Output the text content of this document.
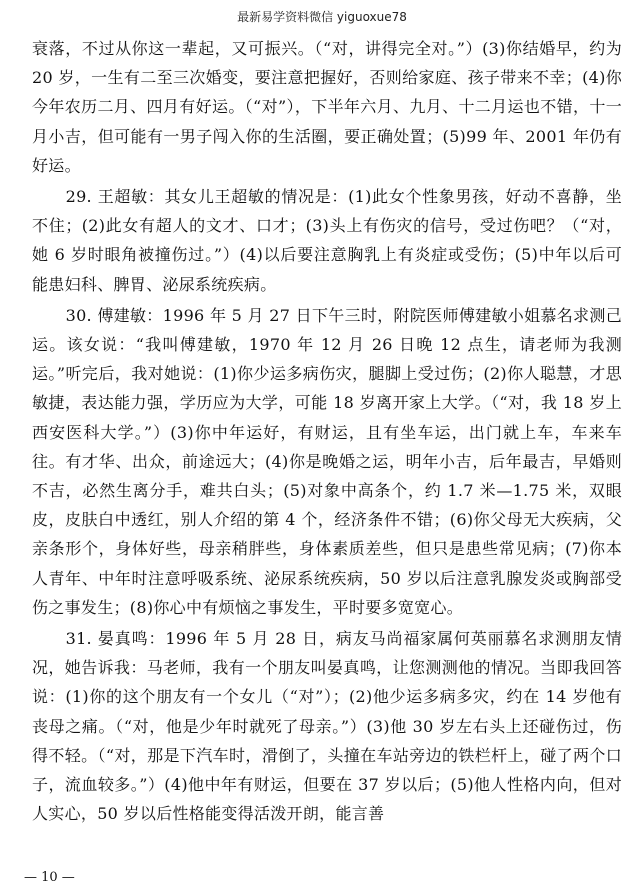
最新易学资料微信 yiguoxue78

衰落，不过从你这一辈起，又可振兴。（“对，讲得完全对。”）(3)你结婚早，约为 20 岁，一生有二至三次婚变，要注意把握好，否则给家庭、孩子带来不幸；(4)你今年农历二月、四月有好运。（“对”），下半年六月、九月、十二月运也不错，十一月小吉，但可能有一男子闯入你的生活圈，要正确处置；(5)99 年、2001 年仍有好运。

29. 王超敏：其女儿王超敏的情况是：(1)此女个性象男孩，好动不喜静，坐不住；(2)此女有超人的文才、口才；(3)头上有伤灾的信号，受过伤吧？（“对，她 6 岁时眼角被撞伤过。”）(4)以后要注意胸乳上有炎症或受伤；(5)中年以后可能患妇科、脾胃、泌尿系统疾病。

30. 傅建敏：1996 年 5 月 27 日下午三时，附院医师傅建敏小姐慕名求测己运。该女说：“我叫傅建敏，1970 年 12 月 26 日晚 12 点生，请老师为我测运。”听完后，我对她说：(1)你少运多病伤灾，腿脚上受过伤；(2)你人聪慧，才思敏捷，表达能力强，学历应为大学，可能 18 岁离开家上大学。（“对，我 18 岁上西安医科大学。”）(3)你中年运好，有财运，且有坐车运，出门就上车，车来车往。有才华、出众，前途远大；(4)你是晚婚之运，明年小吉，后年最吉，早婚则不吉，必然生离分手，难共白头；(5)对象中高条个，约 1.7 米—1.75 米，双眼皮，皮肤白中透红，别人介绍的第 4 个，经济条件不错；(6)你父母无大疾病，父亲条形个，身体好些，母亲稍胖些，身体素质差些，但只是患些常见病；(7)你本人青年、中年时注意呼吸系统、泌尿系统疾病，50 岁以后注意乳腺发炎或胸部受伤之事发生；(8)你心中有烦恼之事发生，平时要多宽宽心。

31. 晏真鸣：1996 年 5 月 28 日，病友马尚福家属何英丽慕名求测朋友情况，她告诉我：马老师，我有一个朋友叫晏真鸣，让您测测他的情况。当即我回答说：(1)你的这个朋友有一个女儿（“对”）；(2)他少运多病多灾，约在 14 岁他有丧母之痛。（“对，他是少年时就死了母亲。”）(3)他 30 岁左右头上还碰伤过，伤得不轻。（“对，那是下汽车时，滑倒了，头撞在车站旁边的铁栏杆上，碰了两个口子，流血较多。”）(4)他中年有财运，但要在 37 岁以后；(5)他人性格内向，但对人实心，50 岁以后性格能变得活泼开朗，能言善

— 10 —
